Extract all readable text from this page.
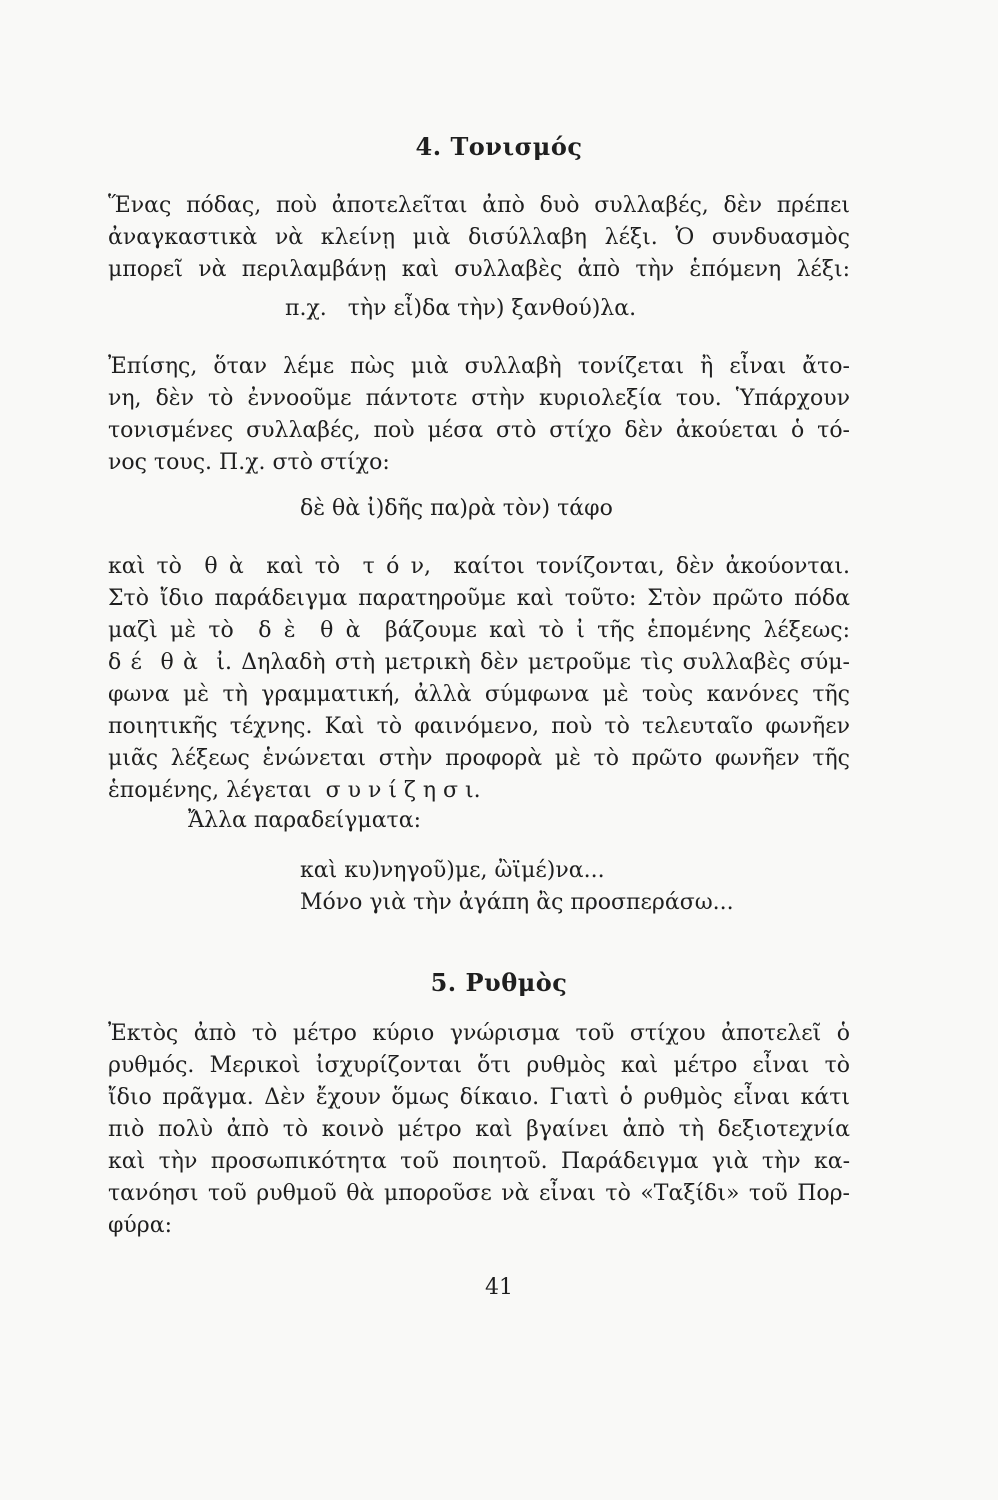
4. Τονισμός
Ἕνας πόδας, ποὺ ἀποτελεῖται ἀπὸ δυὸ συλλαβές, δὲν πρέπει
ἀναγκαστικὰ νὰ κλείνῃ μιὰ δισύλλαβη λέξι. Ὁ συνδυασμὸς
μπορεῖ νὰ περιλαμβάνῃ καὶ συλλαβὲς ἀπὸ τὴν ἑπόμενη λέξι:
π.χ.   τὴν εἶ)δα τὴν) ξανθού)λα.
Ἐπίσης, ὅταν λέμε πὼς μιὰ συλλαβὴ τονίζεται ἢ εἶναι ἄτο-
νη, δὲν τὸ ἐννοοῦμε πάντοτε στὴν κυριολεξία του. Ὑπάρχουν
τονισμένες συλλαβές, ποὺ μέσα στὸ στίχο δὲν ἀκούεται ὁ τό-
νος τους. Π.χ. στὸ στίχο:
δὲ θὰ ἰ)δῆς πα)ρὰ τὸν) τάφο
καὶ τὸ  θ ὰ  καὶ τὸ  τ ό ν,  καίτοι τονίζονται, δὲν ἀκούονται.
Στὸ ἴδιο παράδειγμα παρατηροῦμε καὶ τοῦτο: Στὸν πρῶτο πόδα
μαζὶ μὲ τὸ  δ ὲ  θ ὰ  βάζουμε καὶ τὸ ἰ τῆς ἑπομένης λέξεως:
δ έ  θ ὰ  ἰ. Δηλαδὴ στὴ μετρικὴ δὲν μετροῦμε τὶς συλλαβὲς σύμ-
φωνα μὲ τὴ γραμματική, ἀλλὰ σύμφωνα μὲ τοὺς κανόνες τῆς
ποιητικῆς τέχνης. Καὶ τὸ φαινόμενο, ποὺ τὸ τελευταῖο φωνῆεν
μιᾶς λέξεως ἑνώνεται στὴν προφορὰ μὲ τὸ πρῶτο φωνῆεν τῆς
ἑπομένης, λέγεται  σ υ ν ί ζ η σ ι.
Ἄλλα παραδείγματα:
καὶ κυ)νηγοῦ)με, ὢϊμέ)να...
Μόνο γιὰ τὴν ἀγάπη ἂς προσπεράσω...
5. Ρυθμὸς
Ἐκτὸς ἀπὸ τὸ μέτρο κύριο γνώρισμα τοῦ στίχου ἀποτελεῖ ὁ
ρυθμός. Μερικοὶ ἰσχυρίζονται ὅτι ρυθμὸς καὶ μέτρο εἶναι τὸ
ἴδιο πρᾶγμα. Δὲν ἔχουν ὅμως δίκαιο. Γιατὶ ὁ ρυθμὸς εἶναι κάτι
πιὸ πολὺ ἀπὸ τὸ κοινὸ μέτρο καὶ βγαίνει ἀπὸ τὴ δεξιοτεχνία
καὶ τὴν προσωπικότητα τοῦ ποιητοῦ. Παράδειγμα γιὰ τὴν κα-
τανόησι τοῦ ρυθμοῦ θὰ μποροῦσε νὰ εἶναι τὸ «Ταξίδι» τοῦ Πορ-
φύρα:
41
